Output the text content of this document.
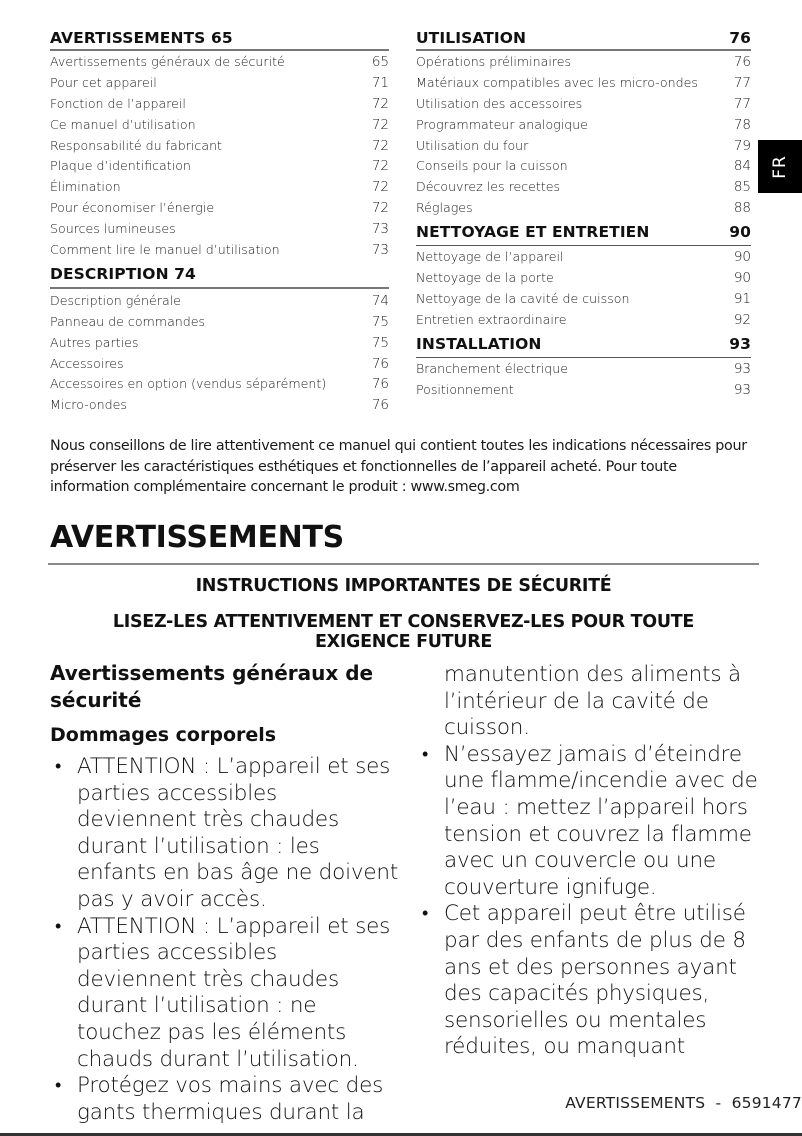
AVERTISSEMENTS 65
Avertissements généraux de sécurité	65
Pour cet appareil	71
Fonction de l’appareil	72
Ce manuel d’utilisation	72
Responsabilité du fabricant	72
Plaque d’identification	72
Élimination	72
Pour économiser l’énergie	72
Sources lumineuses	73
Comment lire le manuel d’utilisation	73
DESCRIPTION 74
Description générale	74
Panneau de commandes	75
Autres parties	75
Accessoires	76
Accessoires en option (vendus séparément)	76
Micro-ondes	76
UTILISATION	76
Opérations préliminaires	76
Matériaux compatibles avec les micro-ondes	77
Utilisation des accessoires	77
Programmateur analogique	78
Utilisation du four	79
Conseils pour la cuisson	84
Découvrez les recettes	85
Réglages	88
NETTOYAGE ET ENTRETIEN	90
Nettoyage de l’appareil	90
Nettoyage de la porte	90
Nettoyage de la cavité de cuisson	91
Entretien extraordinaire	92
INSTALLATION	93
Branchement électrique	93
Positionnement	93
FR

Nous conseillons de lire attentivement ce manuel qui contient toutes les indications nécessaires pour préserver les caractéristiques esthétiques et fonctionnelles de l’appareil acheté. Pour toute information complémentaire concernant le produit : www.smeg.com

AVERTISSEMENTS
INSTRUCTIONS IMPORTANTES DE SÉCURITÉ
LISEZ-LES ATTENTIVEMENT ET CONSERVEZ-LES POUR TOUTE EXIGENCE FUTURE
Avertissements généraux de sécurité
Dommages corporels
• ATTENTION : L’appareil et ses parties accessibles deviennent très chaudes durant l’utilisation : les enfants en bas âge ne doivent pas y avoir accès.
• ATTENTION : L’appareil et ses parties accessibles deviennent très chaudes durant l’utilisation : ne touchez pas les éléments chauds durant l’utilisation.
• Protégez vos mains avec des gants thermiques durant la
manutention des aliments à l’intérieur de la cavité de cuisson.
• N’essayez jamais d’éteindre une flamme/incendie avec de l’eau : mettez l’appareil hors tension et couvrez la flamme avec un couvercle ou une couverture ignifuge.
• Cet appareil peut être utilisé par des enfants de plus de 8 ans et des personnes ayant des capacités physiques, sensorielles ou mentales réduites, ou manquant
AVERTISSEMENTS  -  6591477
